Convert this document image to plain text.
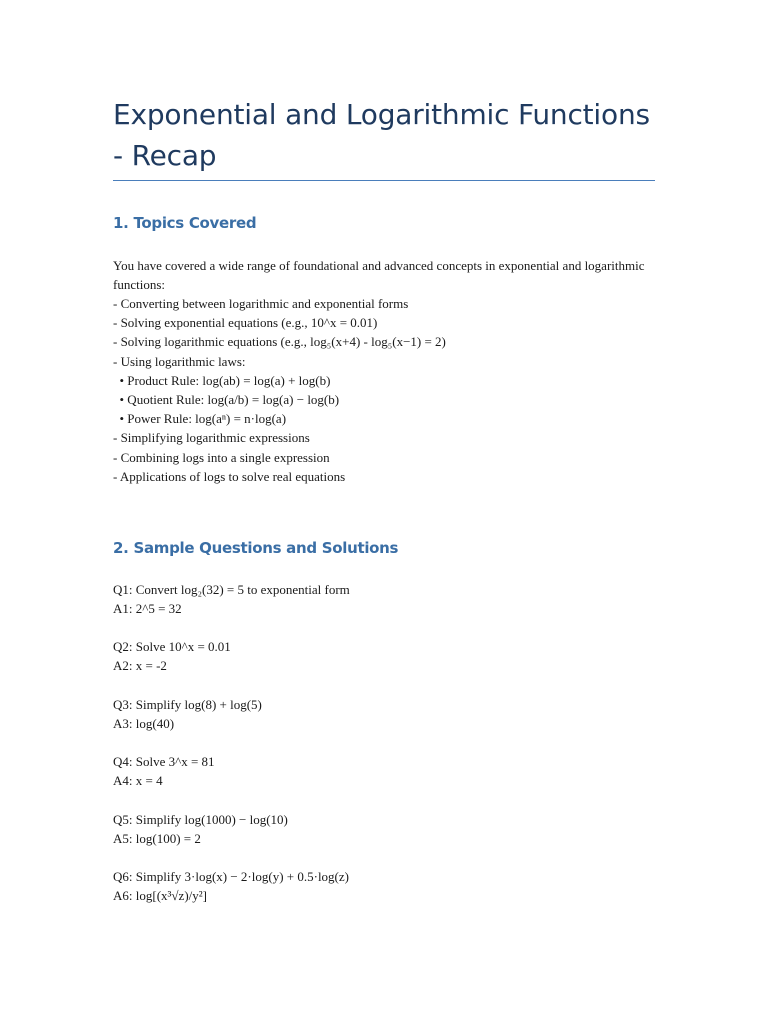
Exponential and Logarithmic Functions - Recap
1. Topics Covered

You have covered a wide range of foundational and advanced concepts in exponential and logarithmic functions:

- Converting between logarithmic and exponential forms
- Solving exponential equations (e.g., 10^x = 0.01)
- Solving logarithmic equations (e.g., log₅(x+4) - log₅(x−1) = 2)
- Using logarithmic laws:
• Product Rule: log(ab) = log(a) + log(b)
• Quotient Rule: log(a/b) = log(a) − log(b)
• Power Rule: log(aⁿ) = n·log(a)
- Simplifying logarithmic expressions
- Combining logs into a single expression
- Applications of logs to solve real equations
2. Sample Questions and Solutions
Q1: Convert log₂(32) = 5 to exponential form
A1: 2^5 = 32
Q2: Solve 10^x = 0.01
A2: x = -2
Q3: Simplify log(8) + log(5)
A3: log(40)
Q4: Solve 3^x = 81
A4: x = 4
Q5: Simplify log(1000) − log(10)
A5: log(100) = 2
Q6: Simplify 3·log(x) − 2·log(y) + 0.5·log(z)
A6: log[(x³√z)/y²]
